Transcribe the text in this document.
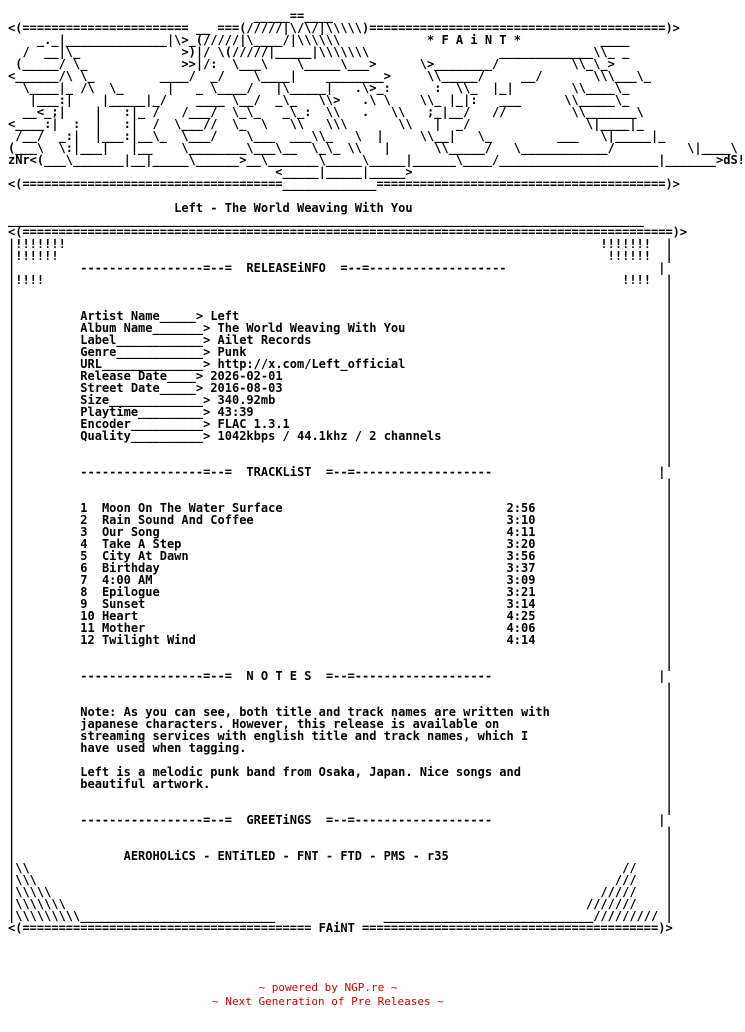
_____==____
<(======================= __ ===(/////|\/\/|\\\\\)=========================================)>
_._|______________|\>_(/////|\____/|\\\\\\            * F A i N T *           ____
/  __|\_              >)|/ \(/////|_____|\\\\\\\                  _____________\\_ _
(_____/ \_             >>|/:  \___\    \_____\___>      \>________/          \\_\_>
<______/\ \_         ____/  _/    \____|    ________>     \\_____/     __/       \\\___\_
\____|_ /\  \_      |   _ \____/   |\_____|   .\>_:      :  \\_  |_|        \\____\_
|___:|    |_____|_/    ____ \__/  _\_   \\>   .\ \    \\_ |_|:   ___      \\_____\_
__<_;|    |   :|_ /   /___/  \_\_   _\_:  \\   .   \\   ;_|__/   //         \\_______\
<____:|  :  |   :|  /  \___//  \_  \   \\   \\\       \\   |  _/                \|____|_
/__/  _:|  |___:|__\_  \___/    \___  ___\\_   \  |     \\__|   \_         ___   \|_____|_
(___\  \:|___|   |__    \________\___\__  \_\_ \\   |      \\_____/   \____________/          \|____\
zNr<(___\_______|__|_____\______>__\_______\_____\_____|______\____/______________________|_______>dS!
<_____|_____|_____>
<(====================================_____________========================================)>

Left - The World Weaving With You
________________________________________________________________________________________
<(==========================================================================================)>
|!!!!!!!                                                                          !!!!!!!  |
|!!!!!!                                                                            !!!!!!  |
|         -----------------=--=  RELEASEiNFO  =--=-------------------                     |
|!!!!                                                                                !!!!  |
|                                                                                          |
|                                                                                          |
|         Artist Name_____> Left	|
|         Album Name_______> The World Weaving With You	|
|         Label____________> Ailet Records	|
|         Genre____________> Punk	|
|         URL______________> http://x.com/Left_official	|
|         Release Date____> 2026-02-01	|
|         Street Date_____> 2016-08-03	|
|         Size_____________> 340.92mb	|
|         Playtime_________> 43:39	|
|         Encoder__________> FLAC 1.3.1	|
|         Quality__________> 1042kbps / 44.1khz / 2 channels	|
|                                                                                          |
|                                                                                          |
|         -----------------=--=  TRACKLiST  =--=-------------------                       |
|                                                                                          |
|                                                                                          |
|         1  Moon On The Water Surface                               2:56	|
|         2  Rain Sound And Coffee                                   3:10	|
|         3  Our Song                                                4:11	|
|         4  Take A Step                                             3:20	|
|         5  City At Dawn                                            3:56	|
|         6  Birthday                                                3:37	|
|         7  4:00 AM                                                 3:09	|
|         8  Epilogue                                                3:21	|
|         9  Sunset                                                  3:14	|
|         10 Heart                                                   4:25	|
|         11 Mother                                                  4:06	|
|         12 Twilight Wind                                           4:14	|
|                                                                                          |
|                                                                                          |
|         -----------------=--=  N O T E S  =--=-------------------                       |
|                                                                                          |
|                                                                                          |
|         Note: As you can see, both title and track names are written with	|
|         japanese characters. However, this release is available on	|
|         streaming services with english title and track names, which I	|
|         have used when tagging.	|
|	|
|         Left is a melodic punk band from Osaka, Japan. Nice songs and	|
|         beautiful artwork.	|
|                                                                                          |
|                                                                                          |
|         -----------------=--=  GREETiNGS  =--=-------------------                       |
|                                                                                          |
|                                                                                          |
|               AEROHOLiCS - ENTiTLED - FNT - FTD - PMS - r35	|
|\\                                                                                  //    |
|\\\                                                                                ///    |
|\\\\\                                                                            /////    |
|\\\\\\\                                                                        ///////    |
|\\\\\\\\\___________________________               _____________________________///////// |
<(======================================== FAiNT =========================================)>

~ powered by NGP.re ~
~ Next Generation of Pre Releases ~
